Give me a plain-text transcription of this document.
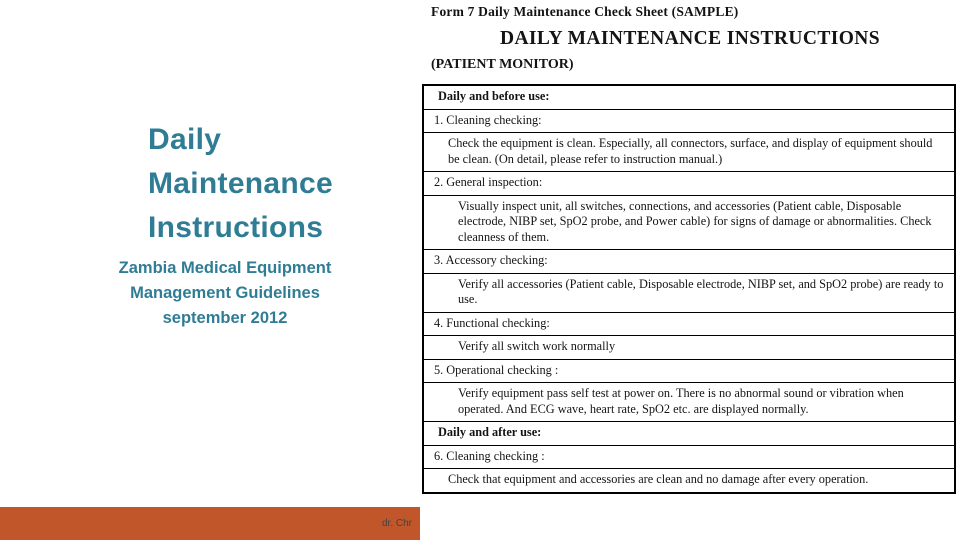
Daily
Maintenance
Instructions
Zambia Medical Equipment
Management Guidelines
september 2012
dr. Chr
Form 7 Daily Maintenance Check Sheet (SAMPLE)
DAILY MAINTENANCE INSTRUCTIONS
(PATIENT MONITOR)
Daily and before use:
1. Cleaning checking:
Check the equipment is clean. Especially, all connectors, surface, and display of equipment should be clean. (On detail, please refer to instruction manual.)
2. General inspection:
Visually inspect unit, all switches, connections, and accessories (Patient cable, Disposable electrode, NIBP set, SpO2 probe, and Power cable) for signs of damage or abnormalities. Check cleanness of them.
3. Accessory checking:
Verify all accessories (Patient cable, Disposable electrode, NIBP set, and SpO2 probe) are ready to use.
4. Functional checking:
Verify all switch work normally
5. Operational checking :
Verify equipment pass self test at power on. There is no abnormal sound or vibration when operated. And ECG wave, heart rate, SpO2 etc. are displayed normally.
Daily and after use:
6. Cleaning checking :
Check that equipment and accessories are clean and no damage after every operation.
